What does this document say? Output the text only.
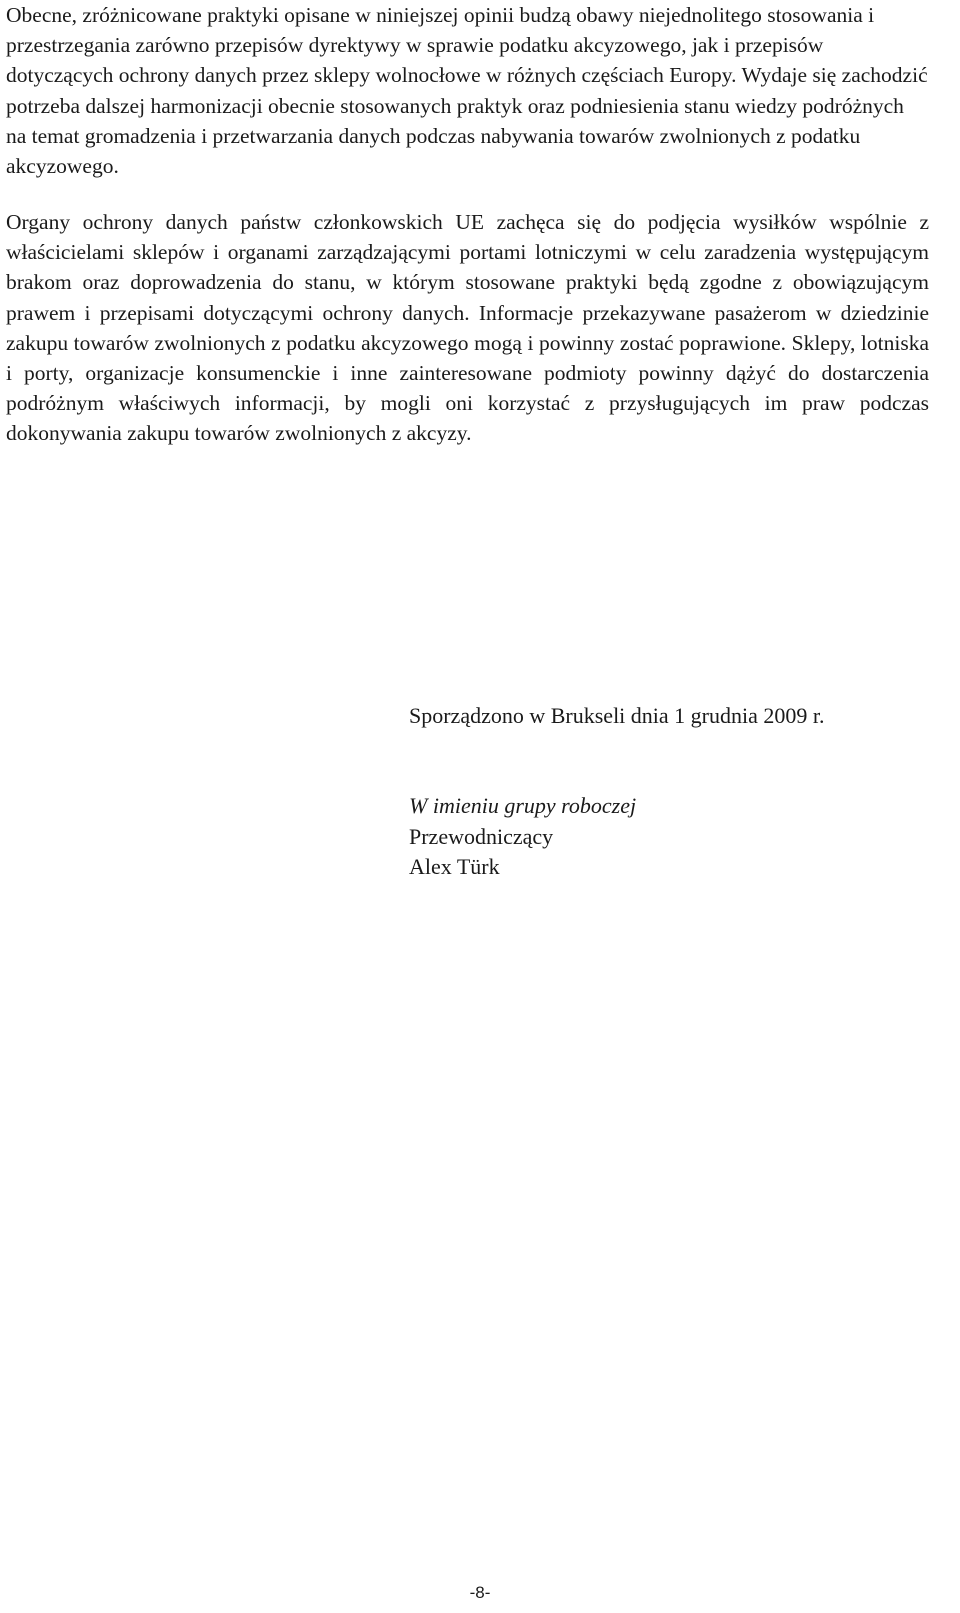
Obecne, zróżnicowane praktyki opisane w niniejszej opinii budzą obawy niejednolitego stosowania i przestrzegania zarówno przepisów dyrektywy w sprawie podatku akcyzowego, jak i przepisów dotyczących ochrony danych przez sklepy wolnocłowe w różnych częściach Europy. Wydaje się zachodzić potrzeba dalszej harmonizacji obecnie stosowanych praktyk oraz podniesienia stanu wiedzy podróżnych na temat gromadzenia i przetwarzania danych podczas nabywania towarów zwolnionych z podatku akcyzowego.

Organy ochrony danych państw członkowskich UE zachęca się do podjęcia wysiłków wspólnie z właścicielami sklepów i organami zarządzającymi portami lotniczymi w celu zaradzenia występującym brakom oraz doprowadzenia do stanu, w którym stosowane praktyki będą zgodne z obowiązującym prawem i przepisami dotyczącymi ochrony danych. Informacje przekazywane pasażerom w dziedzinie zakupu towarów zwolnionych z podatku akcyzowego mogą i powinny zostać poprawione. Sklepy, lotniska i porty, organizacje konsumenckie i inne zainteresowane podmioty powinny dążyć do dostarczenia podróżnym właściwych informacji, by mogli oni korzystać z przysługujących im praw podczas dokonywania zakupu towarów zwolnionych z akcyzy.

Sporządzono w Brukseli dnia 1 grudnia 2009 r.
W imieniu grupy roboczej
Przewodniczący
Alex Türk
-8-
